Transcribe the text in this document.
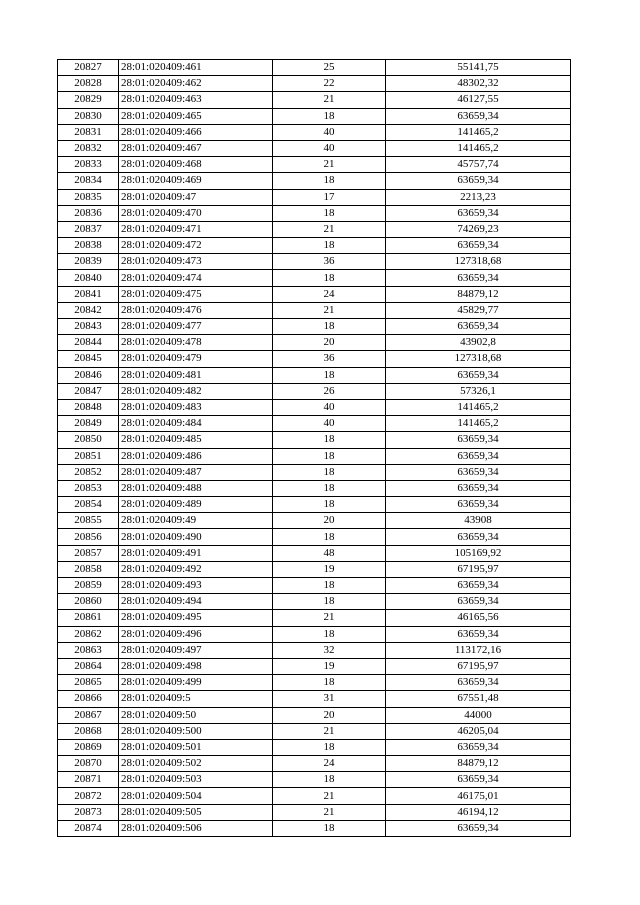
20827	28:01:020409:461	25	55141,75
20828	28:01:020409:462	22	48302,32
20829	28:01:020409:463	21	46127,55
20830	28:01:020409:465	18	63659,34
20831	28:01:020409:466	40	141465,2
20832	28:01:020409:467	40	141465,2
20833	28:01:020409:468	21	45757,74
20834	28:01:020409:469	18	63659,34
20835	28:01:020409:47	17	2213,23
20836	28:01:020409:470	18	63659,34
20837	28:01:020409:471	21	74269,23
20838	28:01:020409:472	18	63659,34
20839	28:01:020409:473	36	127318,68
20840	28:01:020409:474	18	63659,34
20841	28:01:020409:475	24	84879,12
20842	28:01:020409:476	21	45829,77
20843	28:01:020409:477	18	63659,34
20844	28:01:020409:478	20	43902,8
20845	28:01:020409:479	36	127318,68
20846	28:01:020409:481	18	63659,34
20847	28:01:020409:482	26	57326,1
20848	28:01:020409:483	40	141465,2
20849	28:01:020409:484	40	141465,2
20850	28:01:020409:485	18	63659,34
20851	28:01:020409:486	18	63659,34
20852	28:01:020409:487	18	63659,34
20853	28:01:020409:488	18	63659,34
20854	28:01:020409:489	18	63659,34
20855	28:01:020409:49	20	43908
20856	28:01:020409:490	18	63659,34
20857	28:01:020409:491	48	105169,92
20858	28:01:020409:492	19	67195,97
20859	28:01:020409:493	18	63659,34
20860	28:01:020409:494	18	63659,34
20861	28:01:020409:495	21	46165,56
20862	28:01:020409:496	18	63659,34
20863	28:01:020409:497	32	113172,16
20864	28:01:020409:498	19	67195,97
20865	28:01:020409:499	18	63659,34
20866	28:01:020409:5	31	67551,48
20867	28:01:020409:50	20	44000
20868	28:01:020409:500	21	46205,04
20869	28:01:020409:501	18	63659,34
20870	28:01:020409:502	24	84879,12
20871	28:01:020409:503	18	63659,34
20872	28:01:020409:504	21	46175,01
20873	28:01:020409:505	21	46194,12
20874	28:01:020409:506	18	63659,34
